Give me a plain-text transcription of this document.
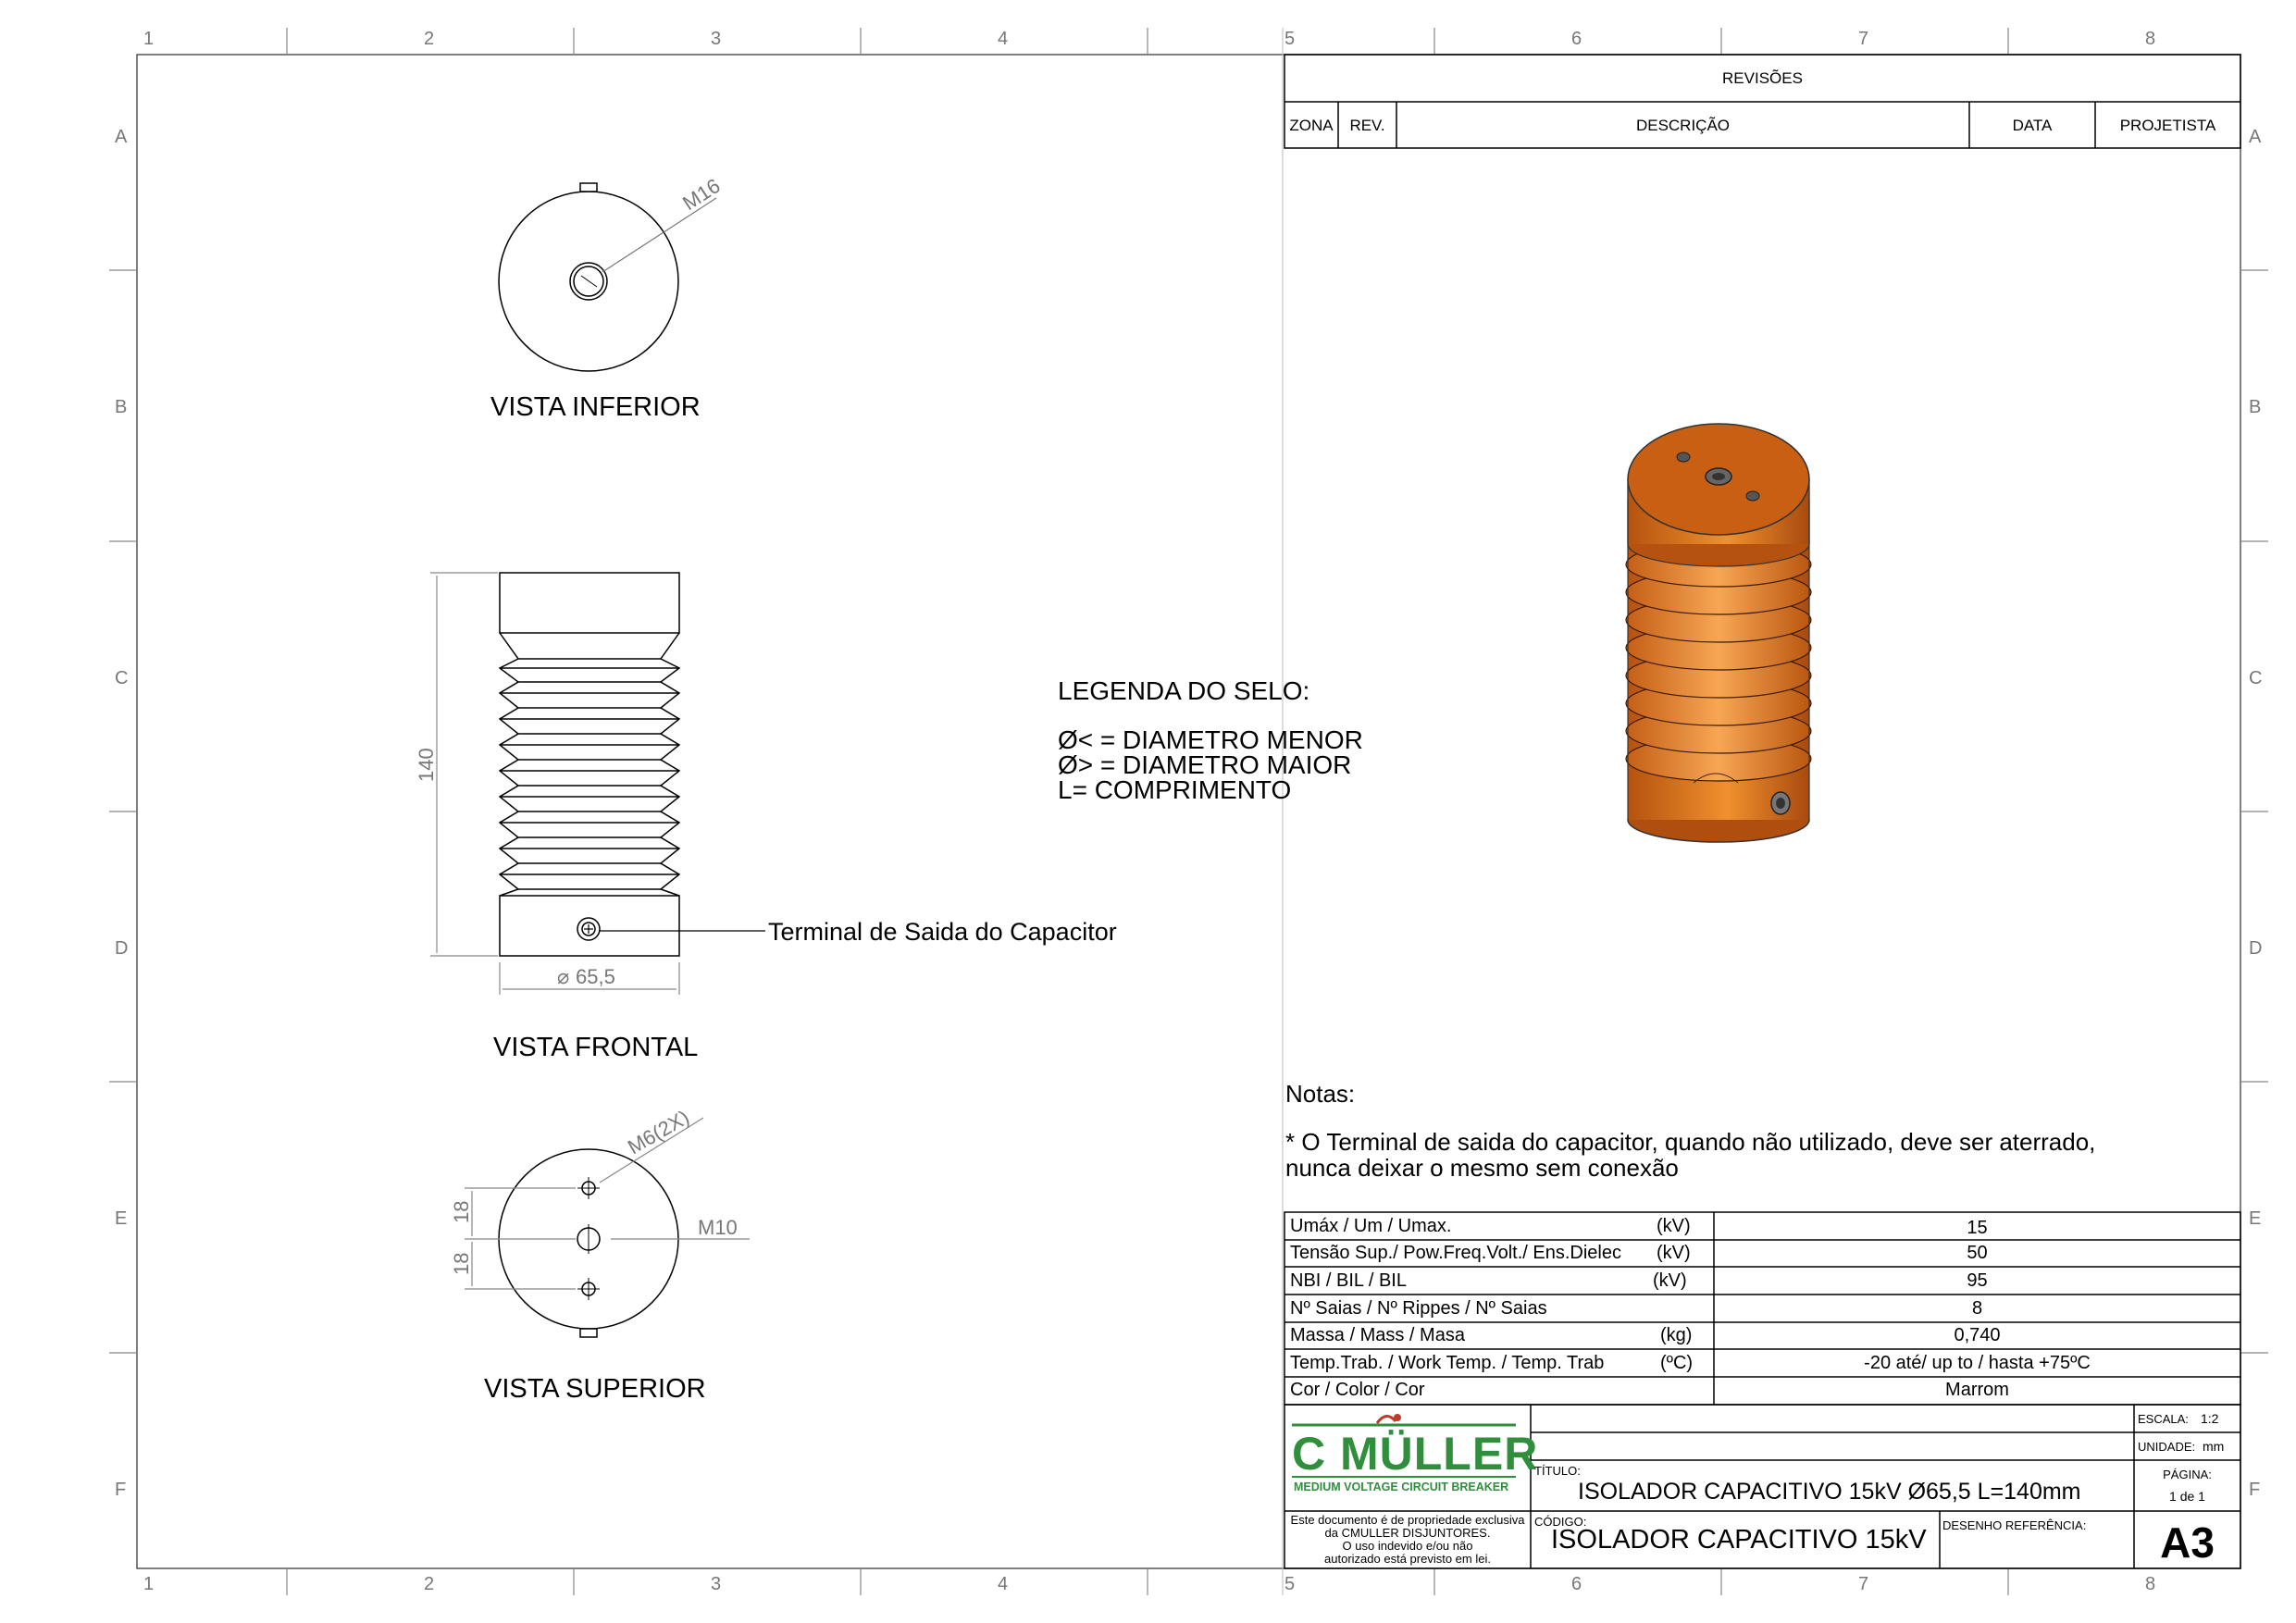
1	2	3	4	5	6	7	8
1	2	3	4	5	6	7	8
A
B
C
D
E
F
A
B
C
D
E
F
M16
140
⌀ 65,5
M6(2X)
M10
18
18
VISTA INFERIOR
VISTA FRONTAL
VISTA SUPERIOR
Terminal de Saida do Capacitor
LEGENDA DO SELO:
Ø< = DIAMETRO MENOR
Ø> = DIAMETRO MAIOR
L= COMPRIMENTO
Notas:
* O Terminal de saida do capacitor, quando não utilizado, deve ser aterrado,
nunca deixar o mesmo sem conexão
REVISÕES
ZONA	REV.	DESCRIÇÃO	DATA	PROJETISTA
Umáx / Um / Umax.	(kV)	15
Tensão Sup./ Pow.Freq.Volt./ Ens.Dielec (kV)	50
NBI / BIL / BIL	(kV)	95
Nº Saias / Nº Rippes / Nº Saias	8
Massa / Mass / Masa	(kg)	0,740
Temp.Trab. / Work Temp. / Temp. Trab	(ºC)	-20 até/ up to / hasta +75ºC
Cor / Color / Cor	Marrom
C MÜLLER
MEDIUM VOLTAGE CIRCUIT BREAKER
Este documento é de propriedade exclusiva
da CMULLER DISJUNTORES.
O uso indevido e/ou não
autorizado está previsto em lei.
TÍTULO:
ISOLADOR CAPACITIVO 15kV Ø65,5 L=140mm
CÓDIGO:
ISOLADOR CAPACITIVO 15kV DESENHO REFERÊNCIA:
ESCALA: 1:2
UNIDADE: mm
PÁGINA:
1 de 1
A3
